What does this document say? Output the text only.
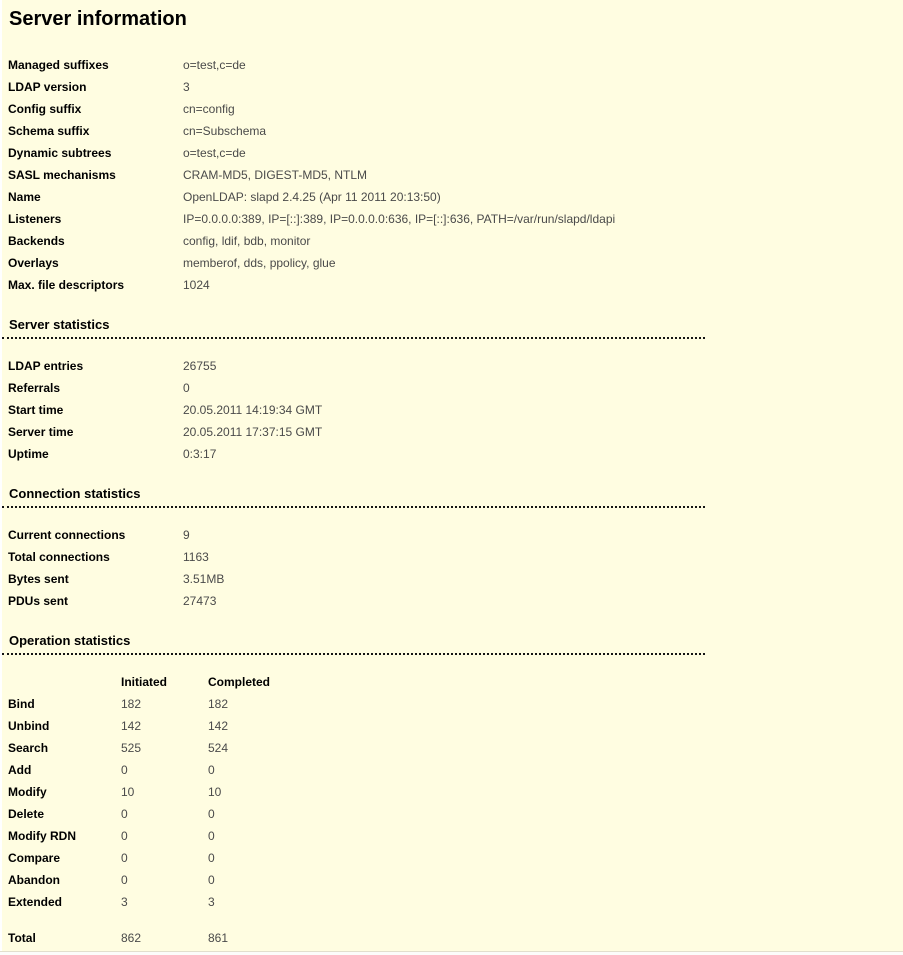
Server information
Managed suffixes	o=test,c=de
LDAP version	3
Config suffix	cn=config
Schema suffix	cn=Subschema
Dynamic subtrees	o=test,c=de
SASL mechanisms	CRAM-MD5, DIGEST-MD5, NTLM
Name	OpenLDAP: slapd 2.4.25 (Apr 11 2011 20:13:50)
Listeners	IP=0.0.0.0:389, IP=[::]:389, IP=0.0.0.0:636, IP=[::]:636, PATH=/var/run/slapd/ldapi
Backends	config, ldif, bdb, monitor
Overlays	memberof, dds, ppolicy, glue
Max. file descriptors	1024
Server statistics
LDAP entries	26755
Referrals	0
Start time	20.05.2011 14:19:34 GMT
Server time	20.05.2011 17:37:15 GMT
Uptime	0:3:17
Connection statistics
Current connections	9
Total connections	1163
Bytes sent	3.51MB
PDUs sent	27473
Operation statistics
	Initiated	Completed
Bind	182	182
Unbind	142	142
Search	525	524
Add	0	0
Modify	10	10
Delete	0	0
Modify RDN	0	0
Compare	0	0
Abandon	0	0
Extended	3	3

Total	862	861
